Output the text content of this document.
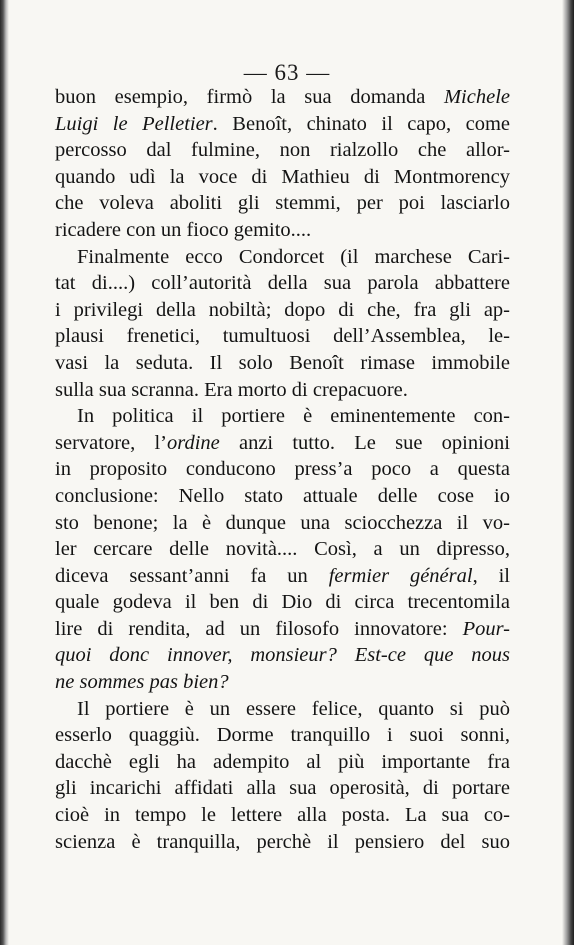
— 63 —
buon esempio, firmò la sua domanda Michele
Luigi le Pelletier. Benoît, chinato il capo, come
percosso dal fulmine, non rialzollo che allor-
quando udì la voce di Mathieu di Montmorency
che voleva aboliti gli stemmi, per poi lasciarlo
ricadere con un fioco gemito....
Finalmente ecco Condorcet (il marchese Cari-
tat di....) coll’autorità della sua parola abbattere
i privilegi della nobiltà; dopo di che, fra gli ap-
plausi frenetici, tumultuosi dell’Assemblea, le-
vasi la seduta. Il solo Benoît rimase immobile
sulla sua scranna. Era morto di crepacuore.
In politica il portiere è eminentemente con-
servatore, l’ordine anzi tutto. Le sue opinioni
in proposito conducono press’a poco a questa
conclusione: Nello stato attuale delle cose io
sto benone; la è dunque una sciocchezza il vo-
ler cercare delle novità.... Così, a un dipresso,
diceva sessant’anni fa un fermier général, il
quale godeva il ben di Dio di circa trecentomila
lire di rendita, ad un filosofo innovatore: Pour-
quoi donc innover, monsieur? Est-ce que nous
ne sommes pas bien?
Il portiere è un essere felice, quanto si può
esserlo quaggiù. Dorme tranquillo i suoi sonni,
dacchè egli ha adempito al più importante fra
gli incarichi affidati alla sua operosità, di portare
cioè in tempo le lettere alla posta. La sua co-
scienza è tranquilla, perchè il pensiero del suo
